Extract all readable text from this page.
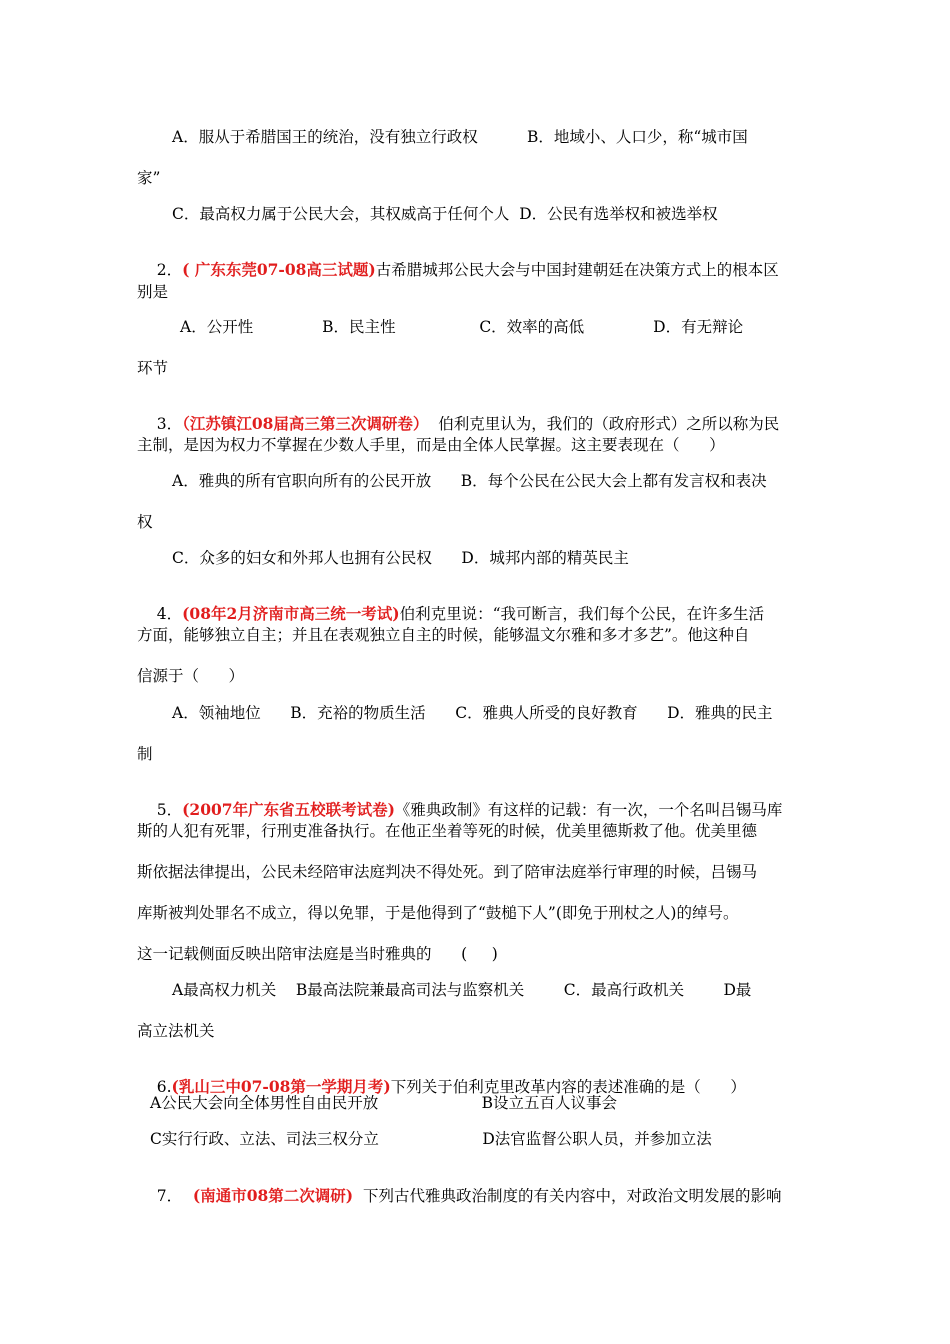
A．服从于希腊国王的统治，没有独立行政权          B．地域小、人口少，称“城市国
家”
C．最高权力属于公民大会，其权威高于任何个人  D．公民有选举权和被选举权

2．( 广东东莞07-08高三试题)古希腊城邦公民大会与中国封建朝廷在决策方式上的根本区

别是
A．公开性              B．民主性                 C．效率的高低              D．有无辩论
环节

3．（江苏镇江08届高三第三次调研卷）  伯利克里认为，我们的（政府形式）之所以称为民

主制，是因为权力不掌握在少数人手里，而是由全体人民掌握。这主要表现在（      ）
A．雅典的所有官职向所有的公民开放      B．每个公民在公民大会上都有发言权和表决
权
C．众多的妇女和外邦人也拥有公民权      D．城邦内部的精英民主

4．(08年2月济南市高三统一考试)伯利克里说：“我可断言，我们每个公民，在许多生活

方面，能够独立自主；并且在表观独立自主的时候，能够温文尔雅和多才多艺”。他这种自
信源于（      ）
A．领袖地位      B．充裕的物质生活      C．雅典人所受的良好教育      D．雅典的民主
制

5．(2007年广东省五校联考试卷)《雅典政制》有这样的记载：有一次，一个名叫吕锡马库

斯的人犯有死罪，行刑吏准备执行。在他正坐着等死的时候，优美里德斯救了他。优美里德
斯依据法律提出，公民未经陪审法庭判决不得处死。到了陪审法庭举行审理的时候，吕锡马
库斯被判处罪名不成立，得以免罪，于是他得到了“鼓槌下人”(即免于刑杖之人)的绰号。
这一记载侧面反映出陪审法庭是当时雅典的      (     )
A最高权力机关    B最高法院兼最高司法与监察机关        C．最高行政机关        D最
高立法机关

6.(乳山三中07-08第一学期月考)下列关于伯利克里改革内容的表述准确的是（      ）

A公民大会向全体男性自由民开放                     B设立五百人议事会
C实行行政、立法、司法三权分立                     D法官监督公职人员，并参加立法

7．  (南通市08第二次调研)  下列古代雅典政治制度的有关内容中，对政治文明发展的影响
